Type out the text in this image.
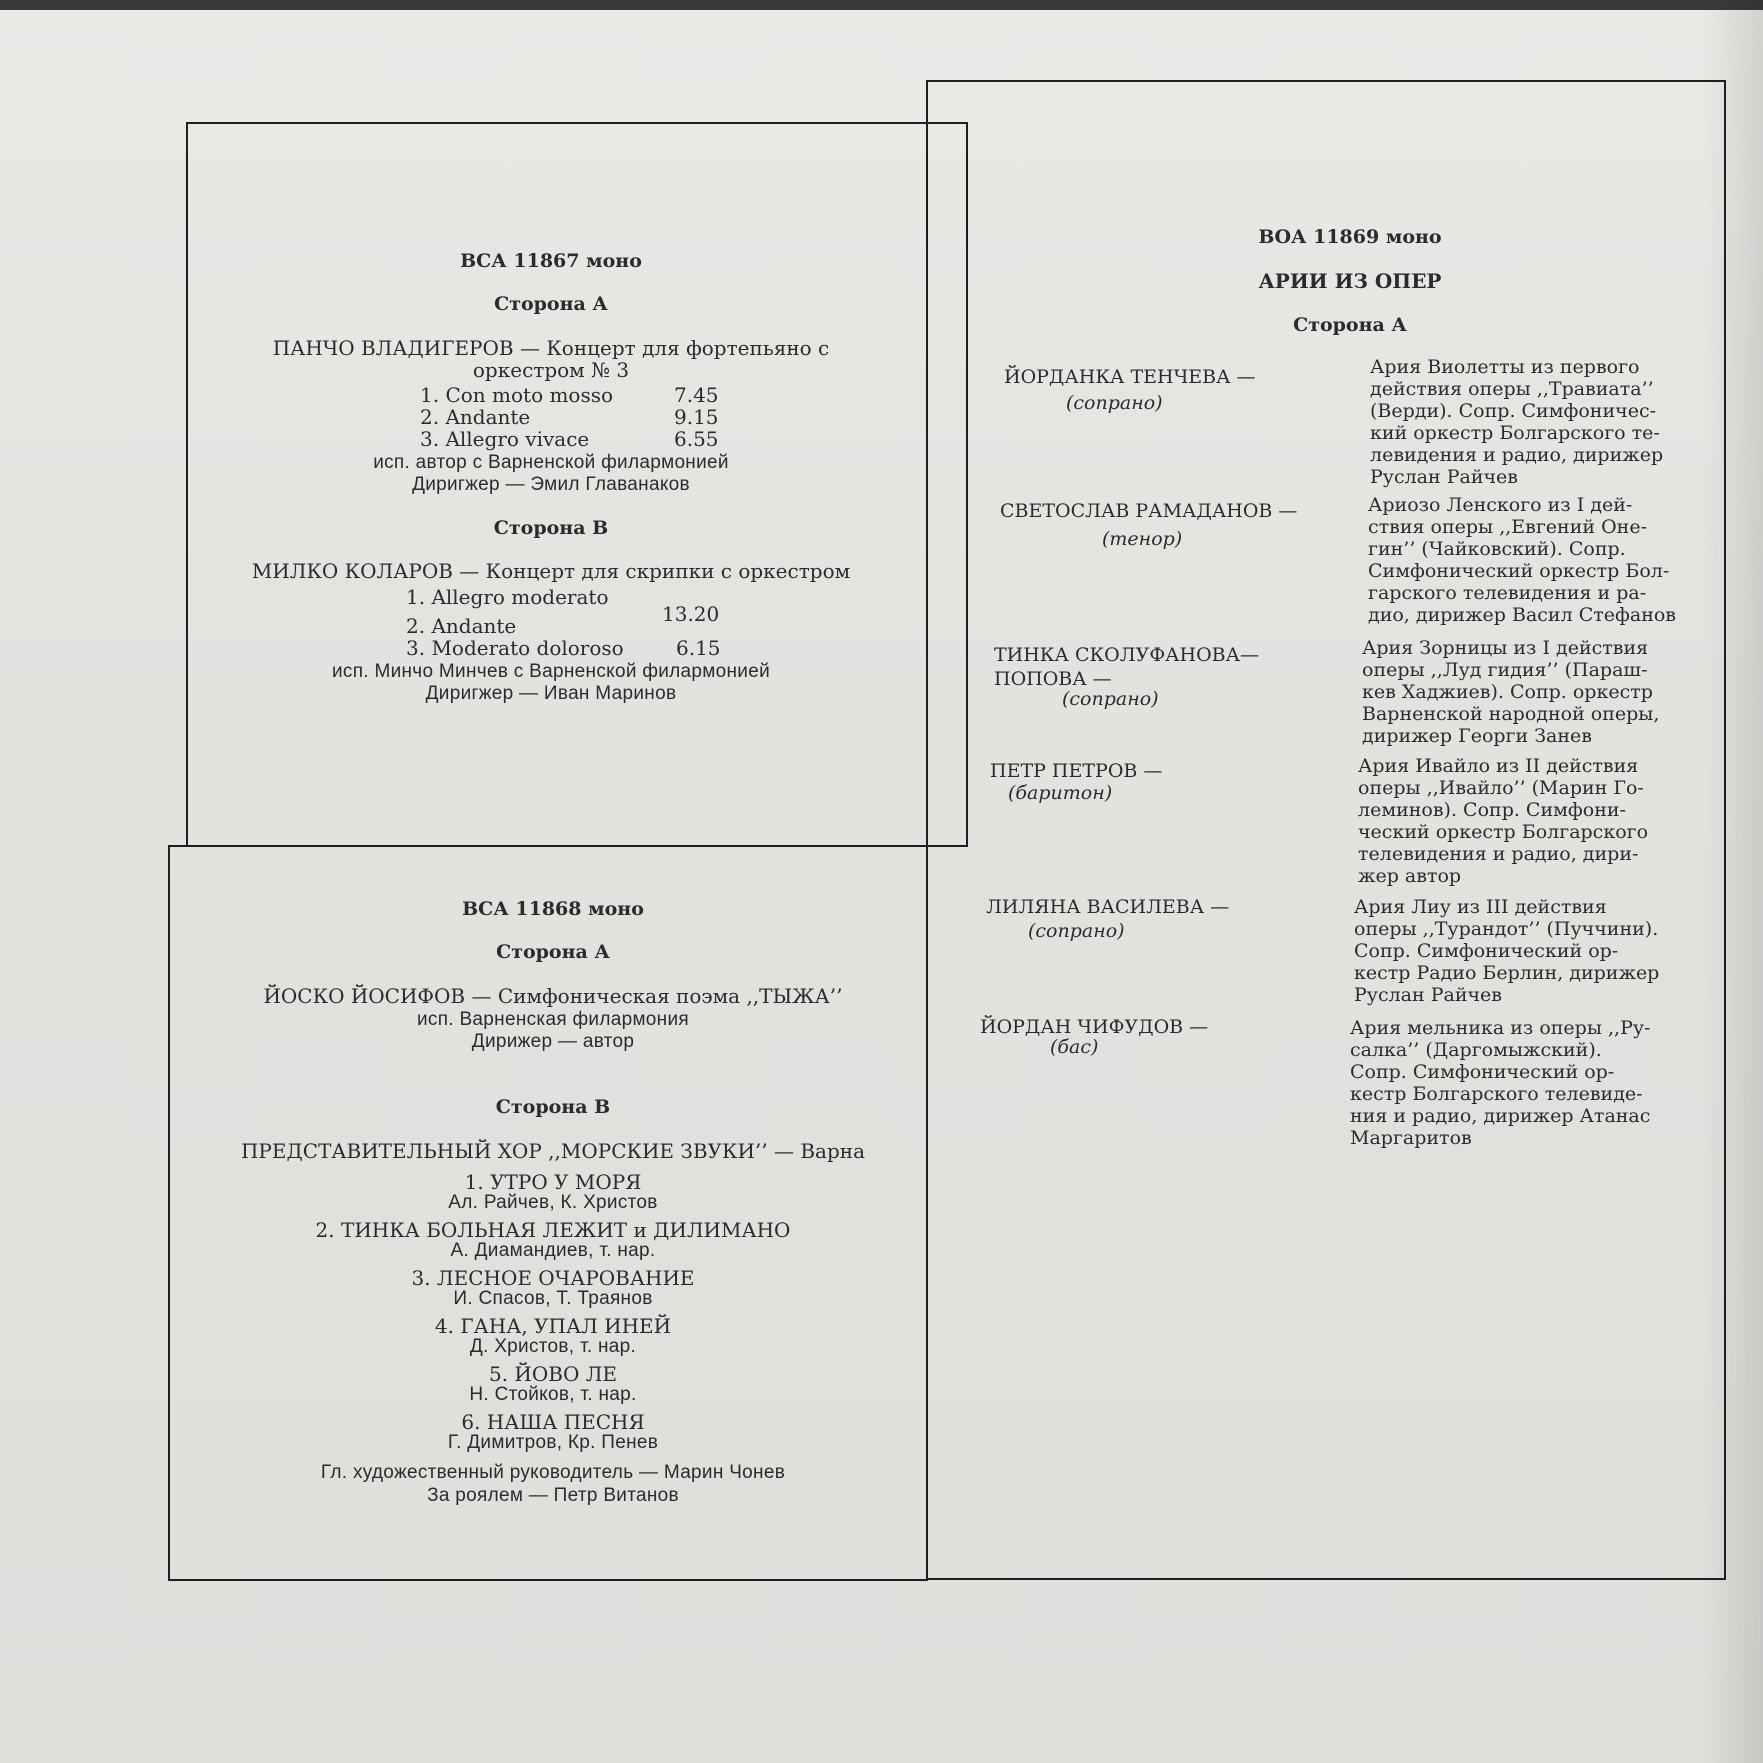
ВСА 11867 моно
Сторона А
ПАНЧО ВЛАДИГЕРОВ — Концерт для фортепьяно с
оркестром № 3
1. Con moto mosso	7.45
2. Andante	9.15
3. Allegro vivace	6.55
исп. автор с Варненской филармонией
Диригжер — Эмил Главанаков
Сторона В
МИЛКО КОЛАРОВ — Концерт для скрипки с оркестром
1. Allegro moderato
2. Andante	13.20
3. Moderato doloroso	6.15
исп. Минчо Минчев с Варненской филармонией
Диригжер — Иван Маринов
ВСА 11868 моно
Сторона А
ЙОСКО ЙОСИФОВ — Симфоническая поэма ,,ТЫЖА’’
исп. Варненская филармония
Дирижер — автор
Сторона В
ПРЕДСТАВИТЕЛЬНЫЙ ХОР ,,МОРСКИЕ ЗВУКИ’’ — Варна
1. УТРО У МОРЯ
Ал. Райчев, К. Христов
2. ТИНКА БОЛЬНАЯ ЛЕЖИТ и ДИЛИМАНО
А. Диамандиев, т. нар.
3. ЛЕСНОЕ ОЧАРОВАНИЕ
И. Спасов, Т. Траянов
4. ГАНА, УПАЛ ИНЕЙ
Д. Христов, т. нар.
5. ЙОВО ЛЕ
Н. Стойков, т. нар.
6. НАША ПЕСНЯ
Г. Димитров, Кр. Пенев
Гл. художественный руководитель — Марин Чонев
За роялем — Петр Витанов
ВОА 11869 моно
АРИИ ИЗ ОПЕР
Сторона А
ЙОРДАНКА ТЕНЧЕВА —
(сопрано)
Ария Виолетты из первого
действия оперы ,,Травиата’’
(Верди). Сопр. Симфоничес-
кий оркестр Болгарского те-
левидения и радио, дирижер
Руслан Райчев
СВЕТОСЛАВ РАМАДАНОВ —
(тенор)
Ариозо Ленского из I дей-
ствия оперы ,,Евгений Оне-
гин’’ (Чайковский). Сопр.
Симфонический оркестр Бол-
гарского телевидения и ра-
дио, дирижер Васил Стефанов
ТИНКА СКОЛУФАНОВА—
ПОПОВА —
(сопрано)
Ария Зорницы из I действия
оперы ,,Луд гидия’’ (Параш-
кев Хаджиев). Сопр. оркестр
Варненской народной оперы,
дирижер Георги Занев
ПЕТР ПЕТРОВ —
(баритон)
Ария Ивайло из II действия
оперы ,,Ивайло’’ (Марин Го-
леминов). Сопр. Симфони-
ческий оркестр Болгарского
телевидения и радио, дири-
жер автор
ЛИЛЯНА ВАСИЛЕВА —
(сопрано)
Ария Лиу из III действия
оперы ,,Турандот’’ (Пуччини).
Сопр. Симфонический ор-
кестр Радио Берлин, дирижер
Руслан Райчев
ЙОРДАН ЧИФУДОВ —
(бас)
Ария мельника из оперы ,,Ру-
салка’’ (Даргомыжский).
Сопр. Симфонический ор-
кестр Болгарского телевиде-
ния и радио, дирижер Атанас
Маргаритов
